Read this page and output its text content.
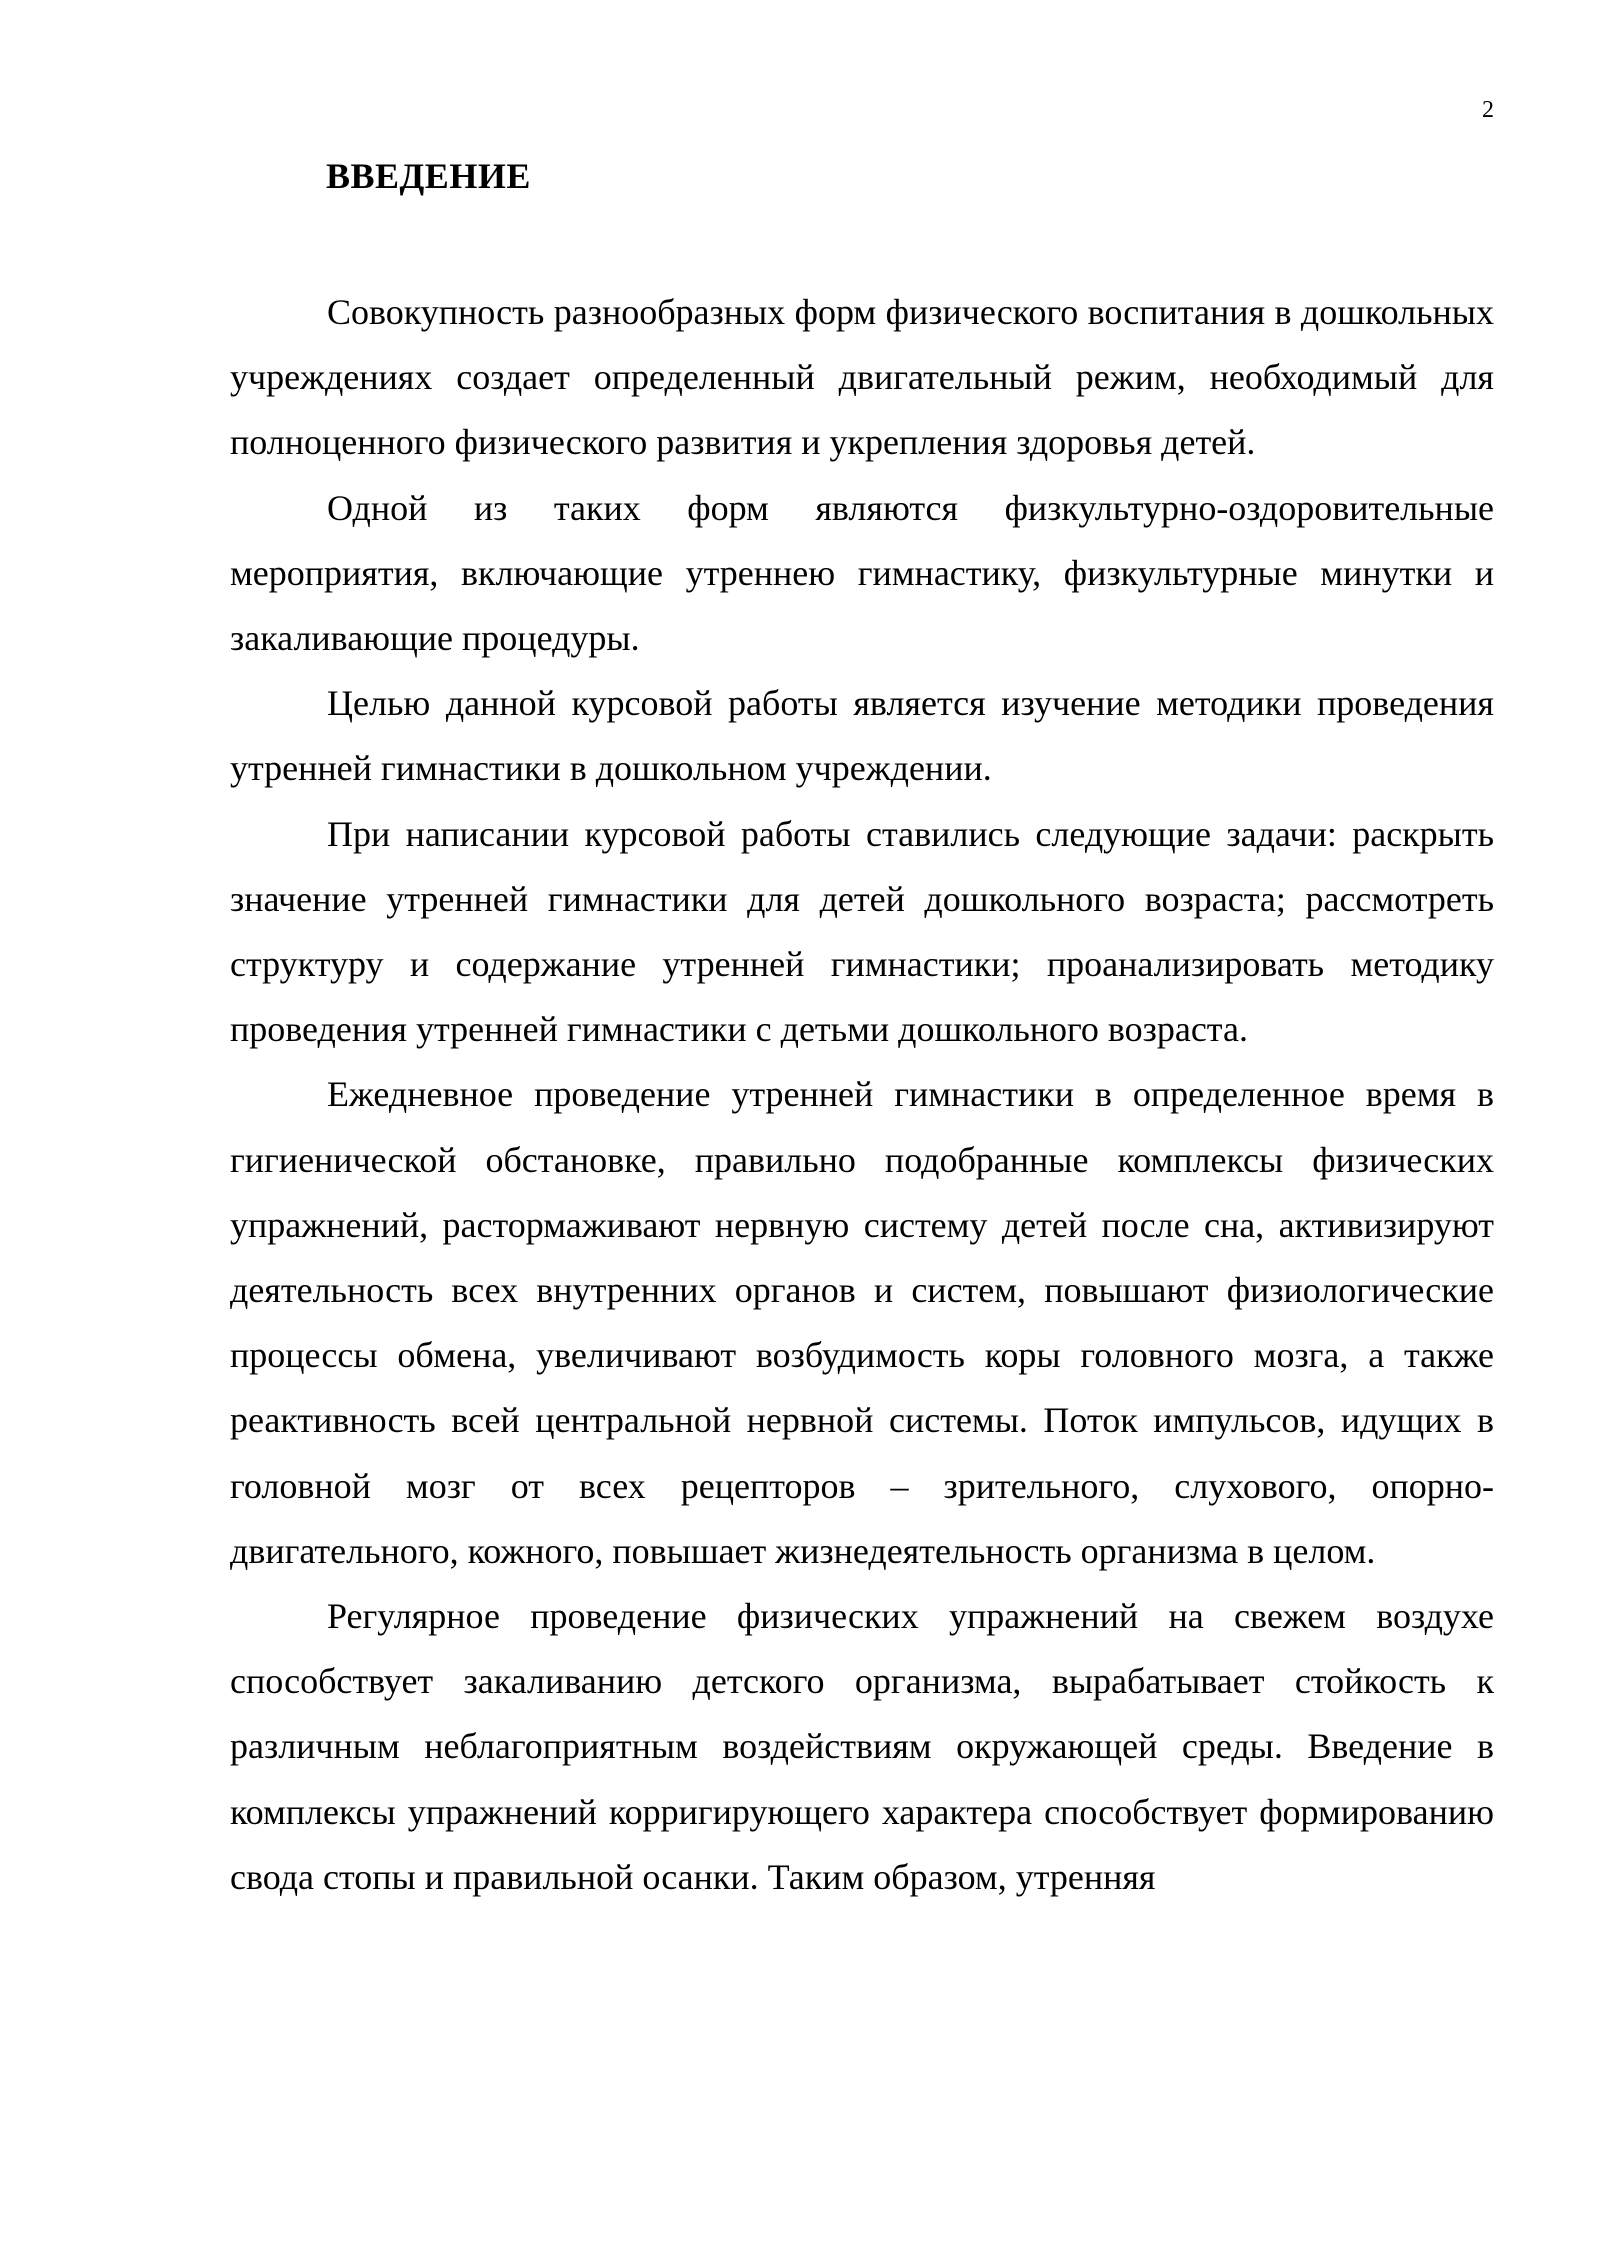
2
ВВЕДЕНИЕ

Совокупность разнообразных форм физического воспитания в дошкольных учреждениях создает определенный двигательный режим, необходимый для полноценного физического развития и укрепления здоровья детей.

Одной из таких форм являются физкультурно-оздоровительные мероприятия, включающие утреннею гимнастику, физкультурные минутки и закаливающие процедуры.

Целью данной курсовой работы является изучение методики проведения утренней гимнастики в дошкольном учреждении.

При написании курсовой работы ставились следующие задачи: раскрыть значение утренней гимнастики для детей дошкольного возраста; рассмотреть структуру и содержание утренней гимнастики; проанализировать методику проведения утренней гимнастики с детьми дошкольного возраста.

Ежедневное проведение утренней гимнастики в определенное время в гигиенической обстановке, правильно подобранные комплексы физических упражнений, растормаживают нервную систему детей после сна, активизируют деятельность всех внутренних органов и систем, повышают физиологические процессы обмена, увеличивают возбудимость коры головного мозга, а также реактивность всей центральной нервной системы. Поток импульсов, идущих в головной мозг от всех рецепторов – зрительного, слухового, опорно-двигательного, кожного, повышает жизнедеятельность организма в целом.

Регулярное проведение физических упражнений на свежем воздухе способствует закаливанию детского организма, вырабатывает стойкость к различным неблагоприятным воздействиям окружающей среды. Введение в комплексы упражнений корригирующего характера способствует формированию свода стопы и правильной осанки. Таким образом, утренняя
